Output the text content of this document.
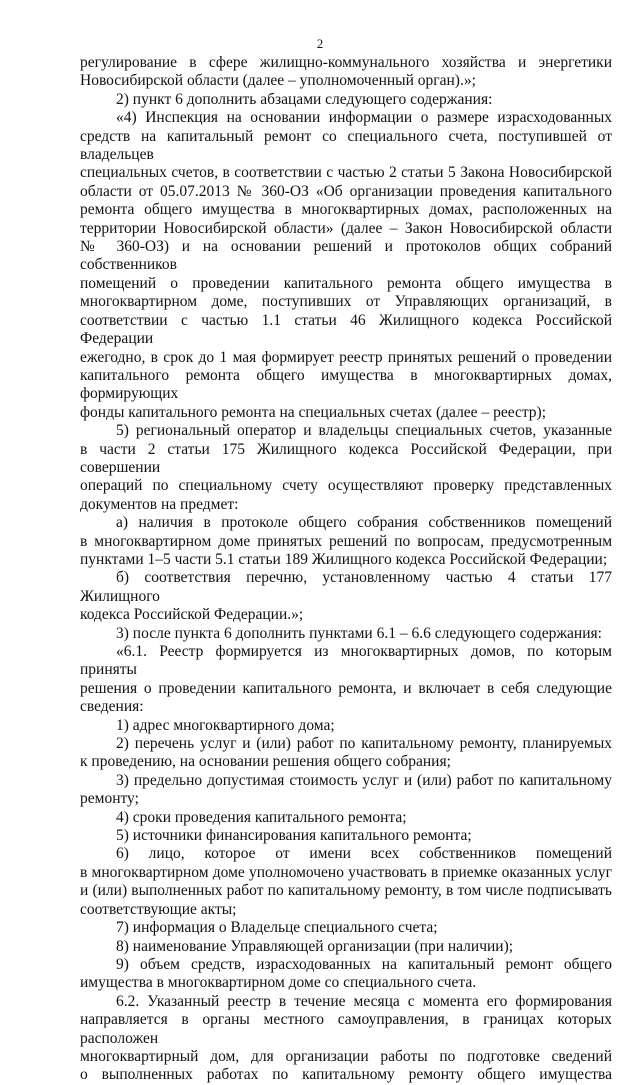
2

регулирование в сфере жилищно-коммунального хозяйства и энергетики

Новосибирской области (далее – уполномоченный орган).»;

2) пункт 6 дополнить абзацами следующего содержания:

«4) Инспекция на основании информации о размере израсходованных

средств на капитальный ремонт со специального счета, поступившей от владельцев

специальных счетов, в соответствии с частью 2 статьи 5 Закона Новосибирской

области от 05.07.2013 № 360-ОЗ «Об организации проведения капитального

ремонта общего имущества в многоквартирных домах, расположенных на

территории Новосибирской области» (далее – Закон Новосибирской области

№ 360-ОЗ) и на основании решений и протоколов общих собраний собственников

помещений о проведении капитального ремонта общего имущества в

многоквартирном доме, поступивших от Управляющих организаций, в

соответствии с частью 1.1 статьи 46 Жилищного кодекса Российской Федерации

ежегодно, в срок до 1 мая формирует реестр принятых решений о проведении

капитального ремонта общего имущества в многоквартирных домах, формирующих

фонды капитального ремонта на специальных счетах (далее – реестр);

5) региональный оператор и владельцы специальных счетов, указанные

в части 2 статьи 175 Жилищного кодекса Российской Федерации, при совершении

операций по специальному счету осуществляют проверку представленных

документов на предмет:

а) наличия в протоколе общего собрания собственников помещений

в многоквартирном доме принятых решений по вопросам, предусмотренным

пунктами 1–5 части 5.1 статьи 189 Жилищного кодекса Российской Федерации;

б) соответствия перечню, установленному частью 4 статьи 177 Жилищного

кодекса Российской Федерации.»;

3) после пункта 6 дополнить пунктами 6.1 – 6.6 следующего содержания:

«6.1. Реестр формируется из многоквартирных домов, по которым приняты

решения о проведении капитального ремонта, и включает в себя следующие сведения:

1) адрес многоквартирного дома;

2) перечень услуг и (или) работ по капитальному ремонту, планируемых

к проведению, на основании решения общего собрания;

3) предельно допустимая стоимость услуг и (или) работ по капитальному

ремонту;

4) сроки проведения капитального ремонта;

5) источники финансирования капитального ремонта;

6) лицо, которое от имени всех собственников помещений

в многоквартирном доме уполномочено участвовать в приемке оказанных услуг

и (или) выполненных работ по капитальному ремонту, в том числе подписывать

соответствующие акты;

7) информация о Владельце специального счета;

8) наименование Управляющей организации (при наличии);

9) объем средств, израсходованных на капитальный ремонт общего

имущества в многоквартирном доме со специального счета.

6.2. Указанный реестр в течение месяца с момента его формирования

направляется в органы местного самоуправления, в границах которых расположен

многоквартирный дом, для организации работы по подготовке сведений

о выполненных работах по капитальному ремонту общего имущества
